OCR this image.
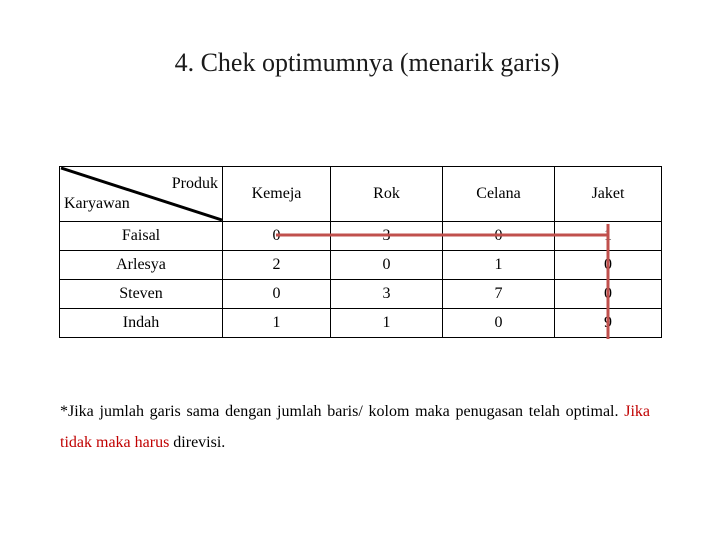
4. Chek optimumnya (menarik garis)
Produk
Karyawan	Kemeja	Rok	Celana	Jaket
Faisal	0	3	0	1
Arlesya	2	0	1	0
Steven	0	3	7	0
Indah	1	1	0	9
*Jika jumlah garis sama dengan jumlah baris/ kolom maka penugasan telah optimal. Jika tidak maka harus direvisi.
